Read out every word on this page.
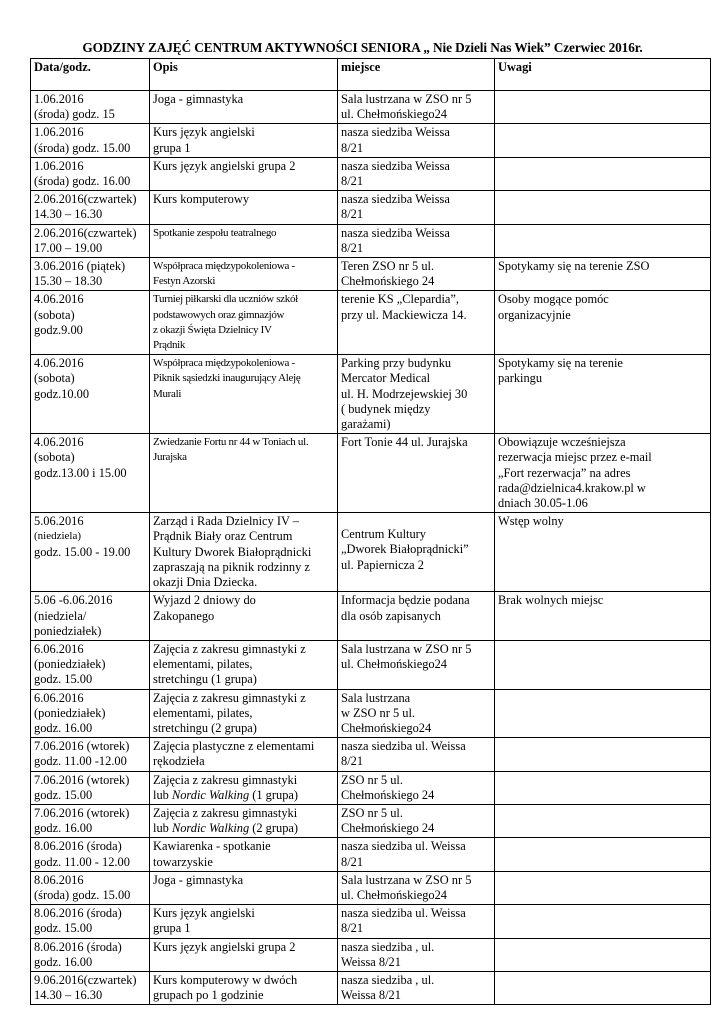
GODZINY ZAJĘĆ CENTRUM AKTYWNOŚCI SENIORA „ Nie Dzieli Nas Wiek” Czerwiec 2016r.
Data/godz.	Opis	miejsce	Uwagi

1.06.2016
(środa) godz. 15	Joga - gimnastyka	Sala lustrzana w ZSO nr 5
ul. Chełmońskiego24	

1.06.2016
(środa) godz. 15.00	Kurs język angielski
grupa 1	nasza siedziba Weissa
8/21	

1.06.2016
(środa) godz. 16.00	Kurs język angielski grupa 2	nasza siedziba Weissa
8/21	

2.06.2016(czwartek)
14.30 – 16.30	Kurs komputerowy	nasza siedziba Weissa
8/21	

2.06.2016(czwartek)
17.00 – 19.00	Spotkanie zespołu teatralnego	nasza siedziba Weissa
8/21	

3.06.2016 (piątek)
15.30 – 18.30	Współpraca międzypokoleniowa -
Festyn Azorski	Teren ZSO nr 5 ul.
Chełmońskiego 24	Spotykamy się na terenie ZSO

4.06.2016
(sobota)
godz.9.00	Turniej piłkarski dla uczniów szkół
podstawowych oraz gimnazjów
z okazji Święta Dzielnicy IV
Prądnik	terenie KS „Clepardia”,
przy ul. Mackiewicza 14.	Osoby mogące pomóc
organizacyjnie

4.06.2016
(sobota)
godz.10.00	Współpraca międzypokoleniowa -
Piknik sąsiedzki inaugurujący Aleję
Murali	Parking przy budynku
Mercator Medical
ul. H. Modrzejewskiej 30
( budynek między
garażami)	Spotykamy się na terenie
parkingu

4.06.2016
(sobota)
godz.13.00 i 15.00	Zwiedzanie Fortu nr 44 w Toniach ul.
Jurajska	Fort Tonie 44 ul. Jurajska	Obowiązuje wcześniejsza
rezerwacja miejsc przez e-mail
„Fort rezerwacja” na adres
rada@dzielnica4.krakow.pl w
dniach 30.05-1.06

5.06.2016
(niedziela)
godz. 15.00 - 19.00	Zarząd i Rada Dzielnicy IV –
Prądnik Biały oraz Centrum
Kultury Dworek Białoprądnicki
zapraszają na piknik rodzinny z
okazji Dnia Dziecka.	Centrum Kultury
„Dworek Białoprądnicki”
ul. Papiernicza 2	Wstęp wolny

5.06 -6.06.2016
(niedziela/
poniedziałek)	Wyjazd 2 dniowy do
Zakopanego	Informacja będzie podana
dla osób zapisanych	Brak wolnych miejsc

6.06.2016
(poniedziałek)
godz. 15.00	Zajęcia z zakresu gimnastyki z
elementami, pilates,
stretchingu (1 grupa)	Sala lustrzana w ZSO nr 5
ul. Chełmońskiego24	

6.06.2016
(poniedziałek)
godz. 16.00	Zajęcia z zakresu gimnastyki z
elementami, pilates,
stretchingu (2 grupa)	Sala lustrzana
w ZSO nr 5 ul.
Chełmońskiego24	

7.06.2016 (wtorek)
godz. 11.00 -12.00	Zajęcia plastyczne z elementami
rękodzieła	nasza siedziba ul. Weissa
8/21	

7.06.2016 (wtorek)
godz. 15.00	Zajęcia z zakresu gimnastyki
lub Nordic Walking (1 grupa)	ZSO nr 5 ul.
Chełmońskiego 24	

7.06.2016 (wtorek)
godz. 16.00	Zajęcia z zakresu gimnastyki
lub Nordic Walking (2 grupa)	ZSO nr 5 ul.
Chełmońskiego 24	

8.06.2016 (środa)
godz. 11.00 - 12.00	Kawiarenka - spotkanie
towarzyskie	nasza siedziba ul. Weissa
8/21	

8.06.2016
(środa) godz. 15.00	Joga - gimnastyka	Sala lustrzana w ZSO nr 5
ul. Chełmońskiego24	

8.06.2016 (środa)
godz. 15.00	Kurs język angielski
grupa 1	nasza siedziba ul. Weissa
8/21	

8.06.2016 (środa)
godz. 16.00	Kurs język angielski grupa 2	nasza siedziba , ul.
Weissa 8/21	

9.06.2016(czwartek)
14.30 – 16.30	Kurs komputerowy w dwóch
grupach po 1 godzinie	nasza siedziba , ul.
Weissa 8/21	
